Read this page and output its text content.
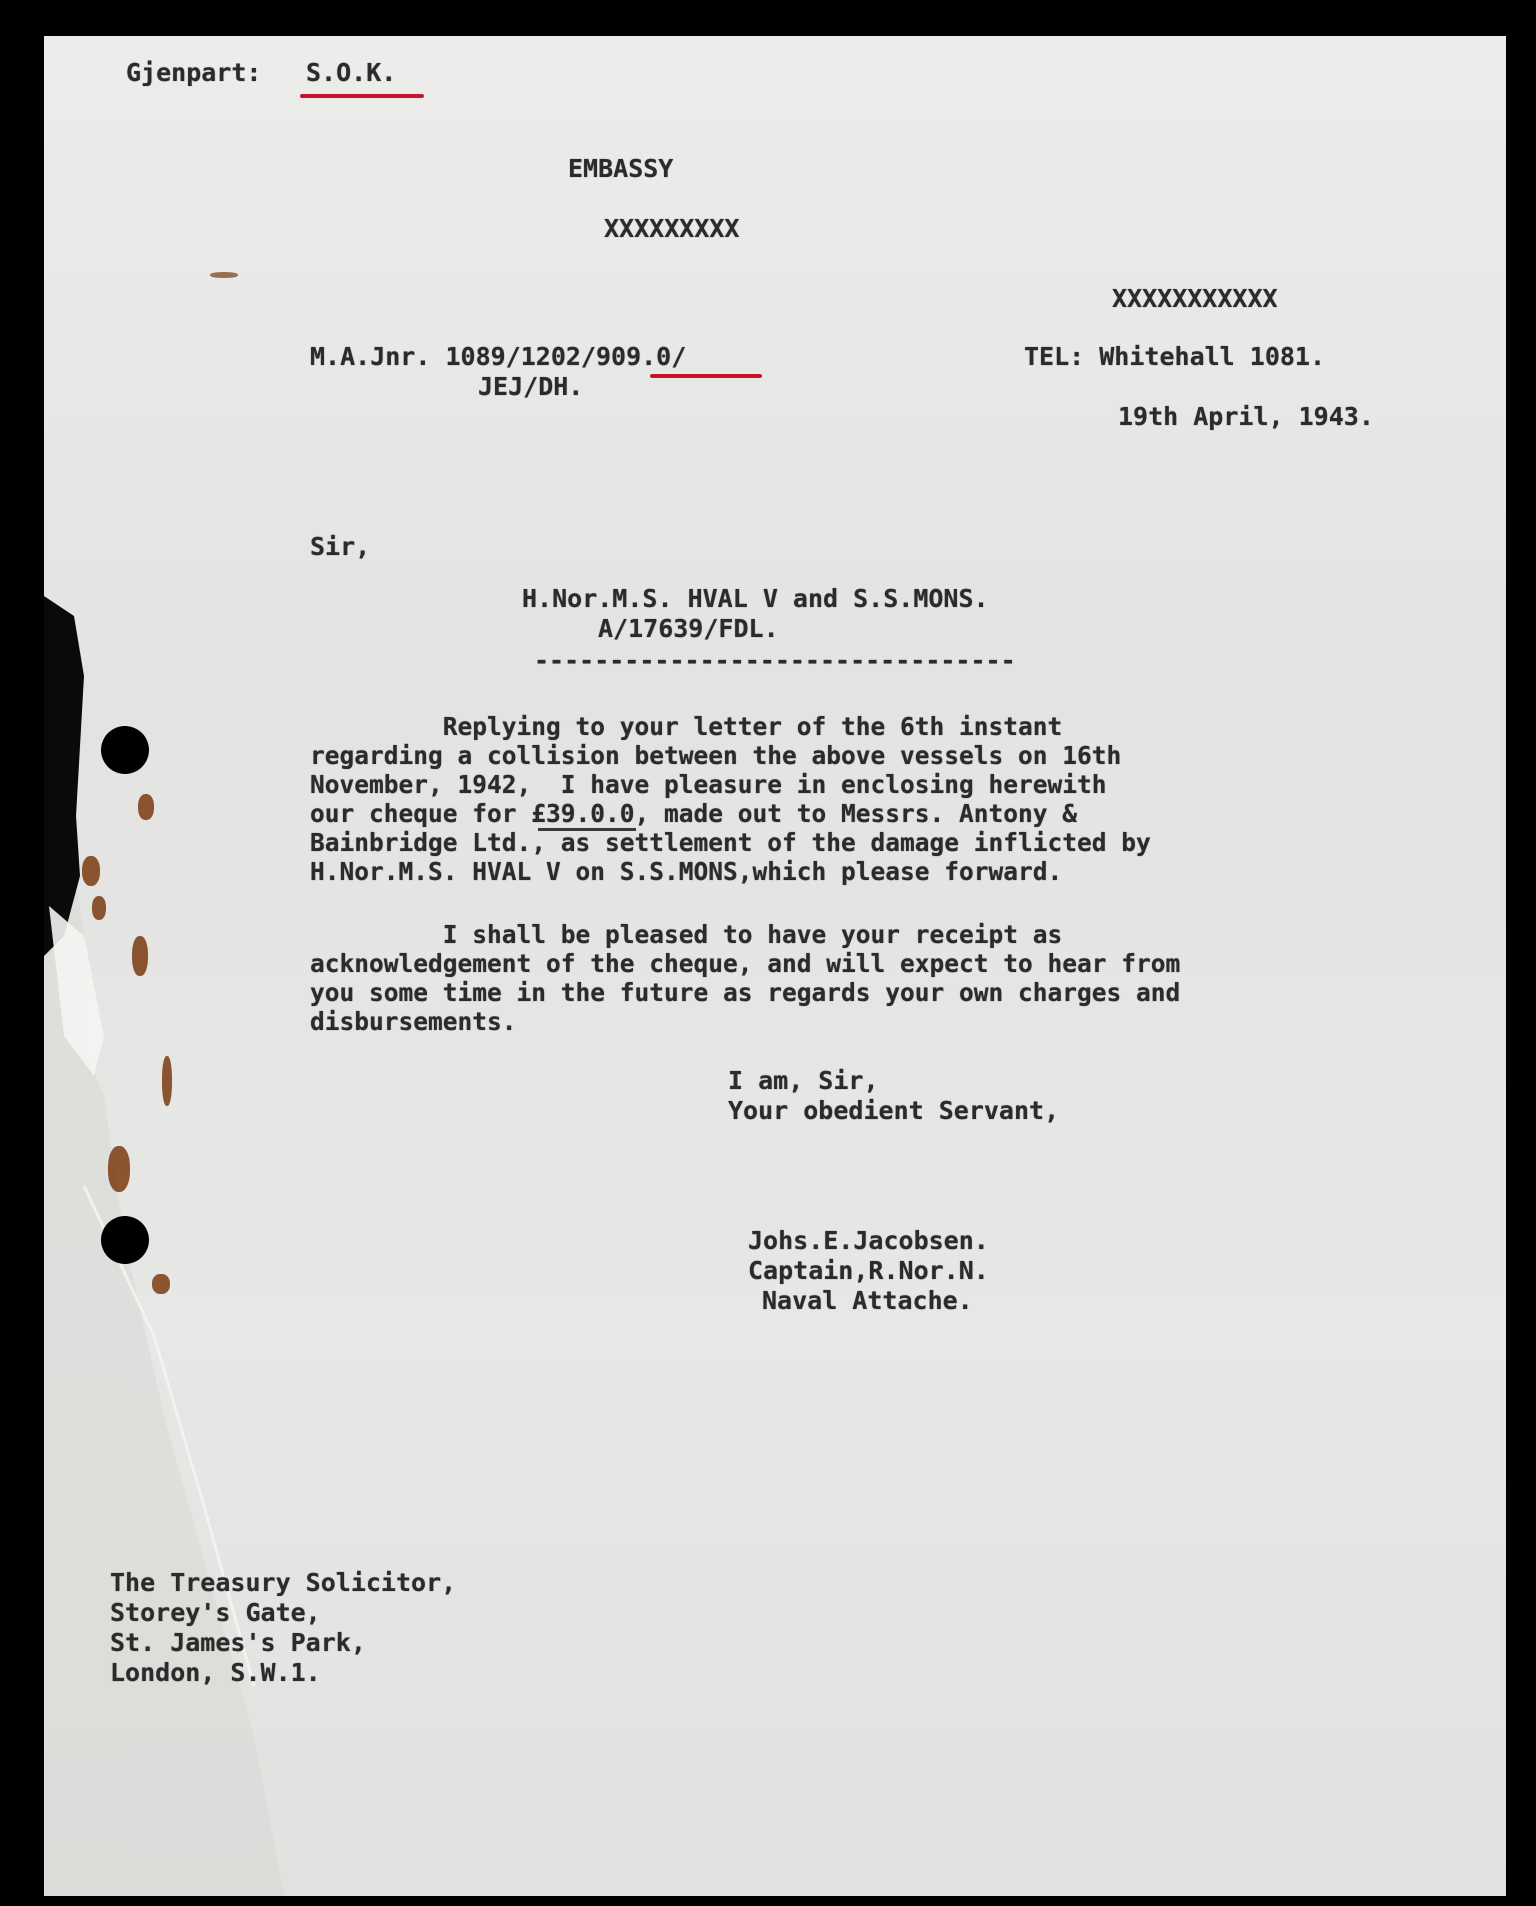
Gjenpart: S.O.K.
EMBASSY
XXXXXXXXX
XXXXXXXXXXX
M.A.Jnr. 1089/1202/909.0/
JEJ/DH.
TEL: Whitehall 1081.
19th April, 1943.
Sir,
H.Nor.M.S. HVAL V and S.S.MONS.
A/17639/FDL.
--------------------------------
Replying to your letter of the 6th instant
regarding a collision between the above vessels on 16th
November, 1942,  I have pleasure in enclosing herewith
our cheque for £39.0.0, made out to Messrs. Antony &
Bainbridge Ltd., as settlement of the damage inflicted by
H.Nor.M.S. HVAL V on S.S.MONS,which please forward.
I shall be pleased to have your receipt as
acknowledgement of the cheque, and will expect to hear from
you some time in the future as regards your own charges and
disbursements.
I am, Sir,
Your obedient Servant,
Johs.E.Jacobsen.
Captain,R.Nor.N.
Naval Attache.
The Treasury Solicitor,
Storey's Gate,
St. James's Park,
London, S.W.1.
